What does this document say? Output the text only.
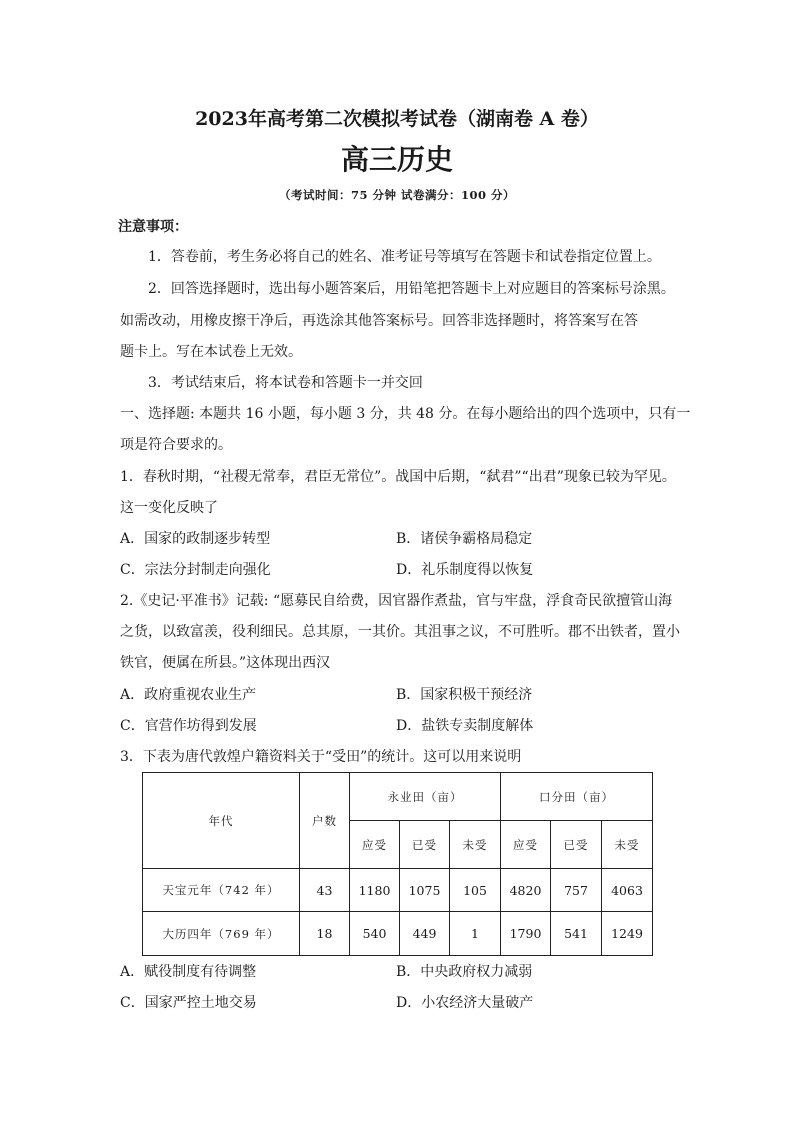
2023年高考第二次模拟考试卷（湖南卷 A 卷）
高三历史
（考试时间：75 分钟 试卷满分：100 分）
注意事项：
1．答卷前，考生务必将自己的姓名、准考证号等填写在答题卡和试卷指定位置上。
2．回答选择题时，选出每小题答案后，用铅笔把答题卡上对应题目的答案标号涂黑。
如需改动，用橡皮擦干净后，再选涂其他答案标号。回答非选择题时，将答案写在答
题卡上。写在本试卷上无效。
3．考试结束后，将本试卷和答题卡一并交回
一、选择题: 本题共 16 小题，每小题 3 分，共 48 分。在每小题给出的四个选项中，只有一
项是符合要求的。
1．春秋时期，“社稷无常奉，君臣无常位”。战国中后期，“弑君”“出君”现象已较为罕见。
这一变化反映了
A．国家的政制逐步转型	B．诸侯争霸格局稳定
C．宗法分封制走向强化	D．礼乐制度得以恢复
2.《史记·平准书》记载: “愿募民自给费，因官器作煮盐，官与牢盘，浮食奇民欲擅管山海
之货，以致富羡，役利细民。总其原，一其价。其沮事之议，不可胜听。郡不出铁者，置小
铁官，便属在所县。”这体现出西汉
A．政府重视农业生产	B．国家积极干预经济
C．官营作坊得到发展	D．盐铁专卖制度解体
3．下表为唐代敦煌户籍资料关于“受田”的统计。这可以用来说明
年代	户数	永业田（亩）			口分田（亩）		
		应受	已受	未受	应受	已受	未受
天宝元年（742 年）	43	1180	1075	105	4820	757	4063
大历四年（769 年）	18	540	449	1	1790	541	1249
A．赋役制度有待调整	B．中央政府权力减弱
C．国家严控土地交易	D．小农经济大量破产
